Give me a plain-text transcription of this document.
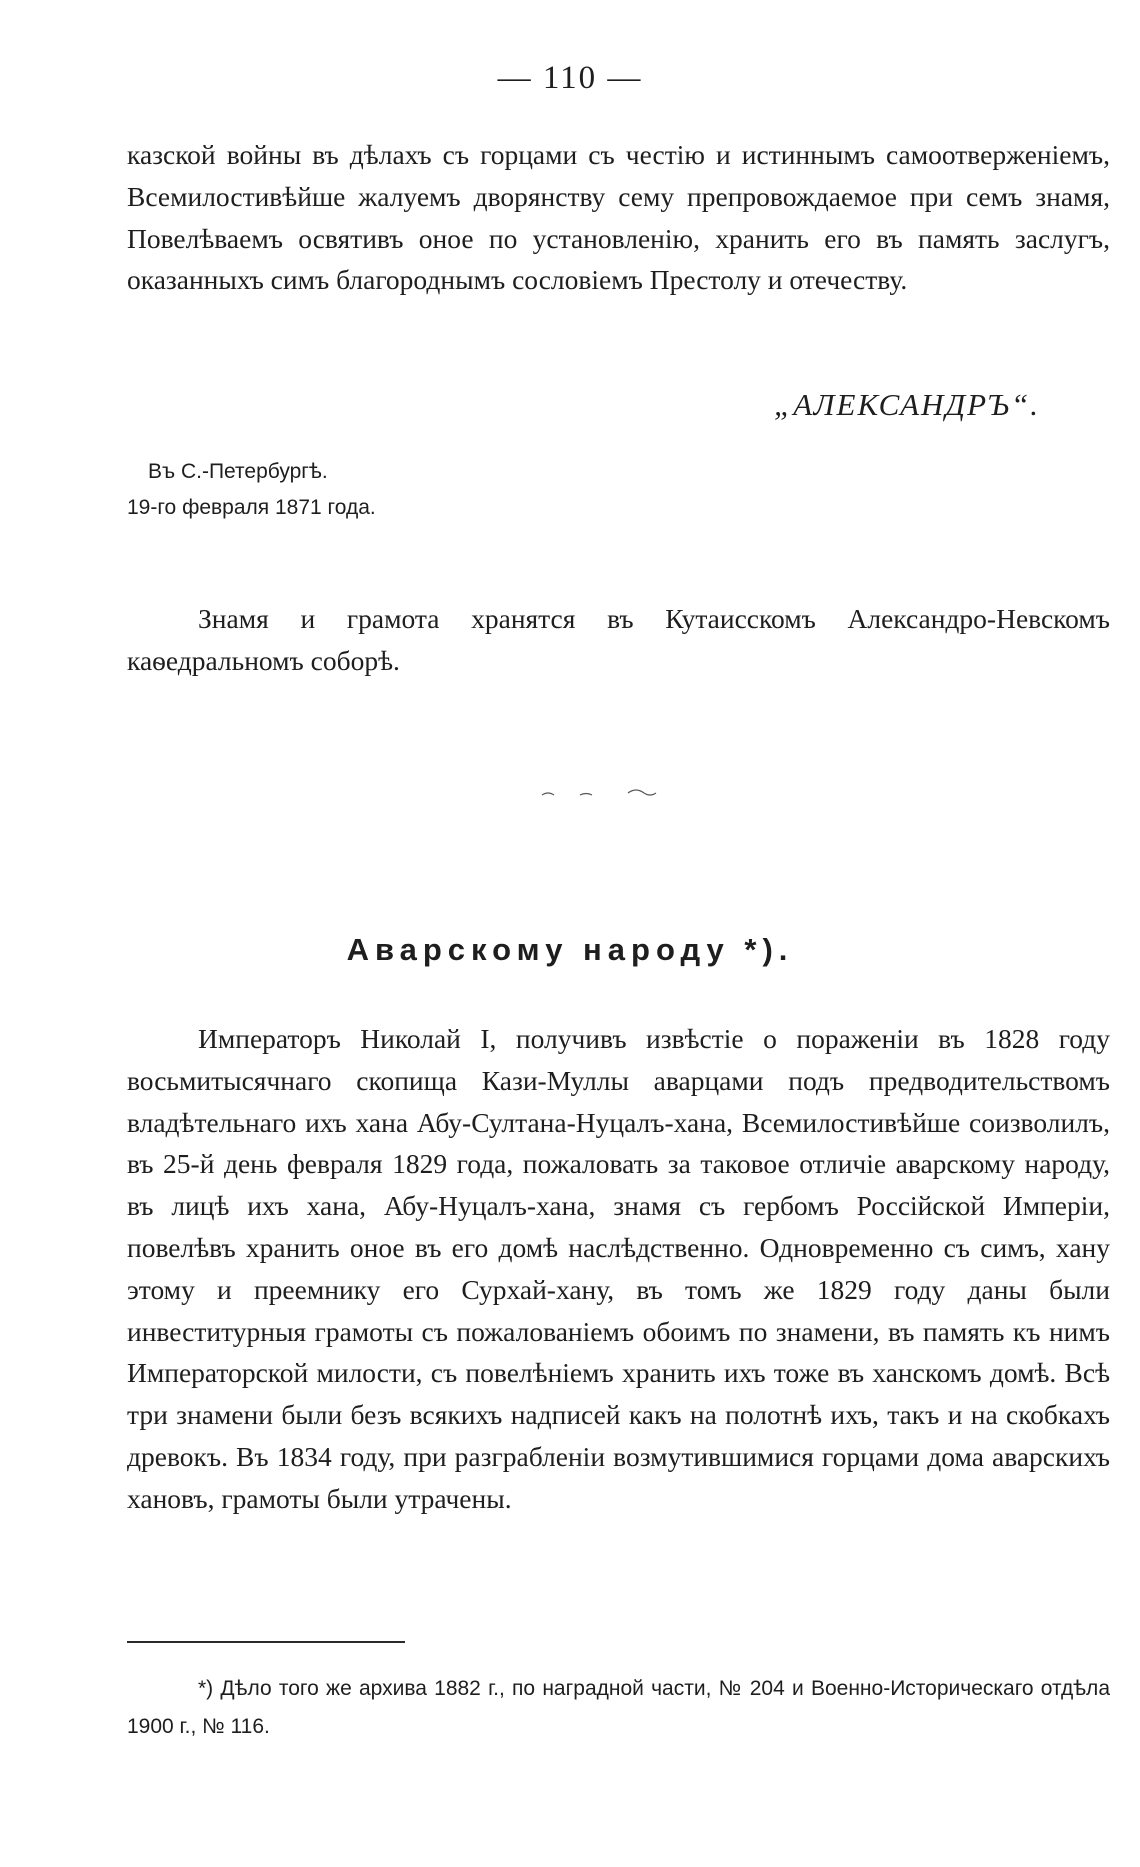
— 110 —

казской войны въ дѣлахъ съ горцами съ честію и истиннымъ самоотверженіемъ, Всемилостивѣйше жалуемъ дворянству сему препровождаемое при семъ знамя, Повелѣваемъ освятивъ оное по установленію, хранить его въ память заслугъ, оказанныхъ симъ благороднымъ сословіемъ Престолу и отечеству.

„АЛЕКСАНДРЪ“.
Въ С.-Петербургѣ.
19-го февраля 1871 года.

Знамя и грамота хранятся въ Кутаисскомъ Александро-Невскомъ каѳедральномъ соборѣ.

Аварскому народу *).

Императоръ Николай I, получивъ извѣстіе о пораженіи въ 1828 году восьмитысячнаго скопища Кази-Муллы аварцами подъ предводительствомъ владѣтельнаго ихъ хана Абу-Султана-Нуцалъ-хана, Всемилостивѣйше соизволилъ, въ 25-й день февраля 1829 года, пожаловать за таковое отличіе аварскому народу, въ лицѣ ихъ хана, Абу-Нуцалъ-хана, знамя съ гербомъ Россійской Имперіи, повелѣвъ хранить оное въ его домѣ наслѣдственно. Одновременно съ симъ, хану этому и преемнику его Сурхай-хану, въ томъ же 1829 году даны были инвеститурныя грамоты съ пожалованіемъ обоимъ по знамени, въ память къ нимъ Императорской милости, съ повелѣніемъ хранить ихъ тоже въ ханскомъ домѣ. Всѣ три знамени были безъ всякихъ надписей какъ на полотнѣ ихъ, такъ и на скобкахъ древокъ. Въ 1834 году, при разграбленіи возмутившимися горцами дома аварскихъ хановъ, грамоты были утрачены.

*) Дѣло того же архива 1882 г., по наградной части, № 204 и Военно-Историческаго отдѣла 1900 г., № 116.
